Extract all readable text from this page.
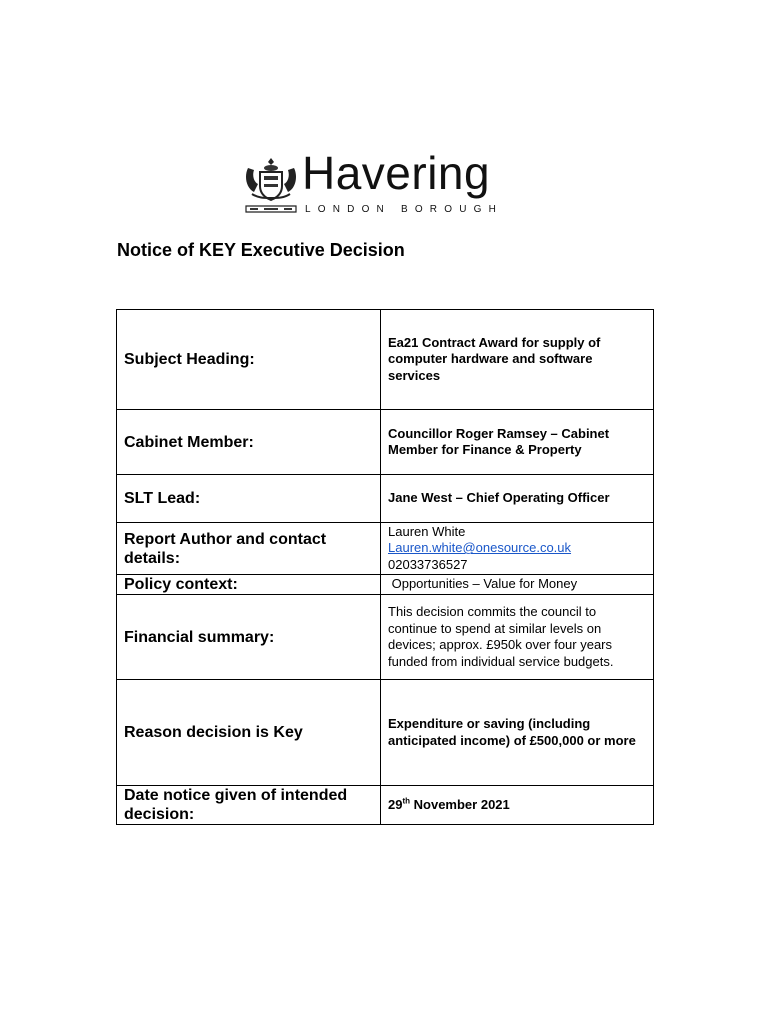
Havering
LONDON BOROUGH
Notice of KEY Executive Decision
Subject Heading:	Ea21 Contract Award for supply of computer hardware and software services
Cabinet Member:	Councillor Roger Ramsey – Cabinet Member for Finance & Property
SLT Lead:	Jane West – Chief Operating Officer
Report Author and contact details:	Lauren White
Lauren.white@onesource.co.uk
02033736527

Policy context:	Opportunities – Value for Money
Financial summary:	This decision commits the council to continue to spend at similar levels on devices; approx. £950k over four years funded from individual service budgets.
Reason decision is Key	Expenditure or saving (including anticipated income) of £500,000 or more
Date notice given of intended decision:	29th November 2021
